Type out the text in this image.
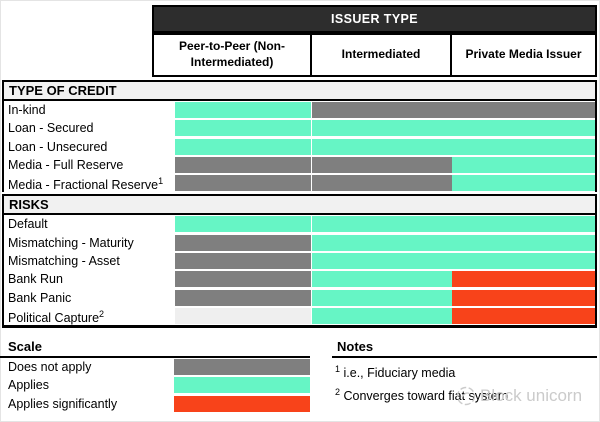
ISSUER TYPE
Peer-to-Peer (Non-Intermediated)
Intermediated	Private Media Issuer
TYPE OF CREDIT
In-kind
Loan - Secured
Loan - Unsecured
Media - Full Reserve
Media - Fractional Reserve$^1$
RISKS
Default
Mismatching - Maturity
Mismatching - Asset
Bank Run
Bank Panic
Political Capture$^2$
Scale
Does not apply
Applies
Applies significantly
Notes
$^1$ i.e., Fiduciary media
$^2$ Converges toward fiat system
Block unicorn
